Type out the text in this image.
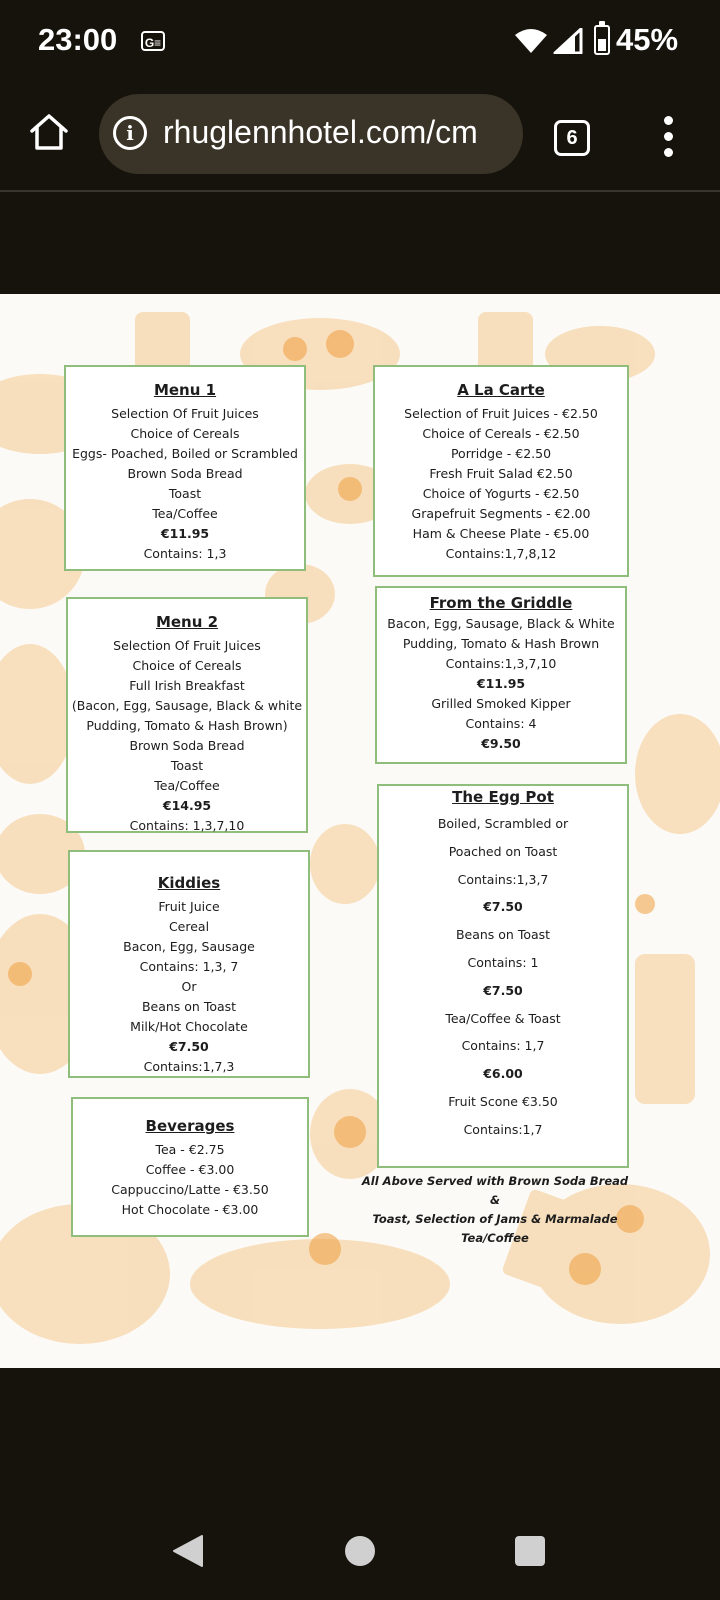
23:00	G≡	45%
i rhuglennhotel.com/cm	6
Menu 1
Selection Of Fruit Juices
Choice of Cereals
Eggs- Poached, Boiled or Scrambled
Brown Soda Bread
Toast
Tea/Coffee
€11.95
Contains: 1,3
Menu 2
Selection Of Fruit Juices
Choice of Cereals
Full Irish Breakfast
(Bacon, Egg, Sausage, Black & white
Pudding, Tomato & Hash Brown)
Brown Soda Bread
Toast
Tea/Coffee
€14.95
Contains: 1,3,7,10
Kiddies
Fruit Juice
Cereal
Bacon, Egg, Sausage
Contains: 1,3, 7
Or
Beans on Toast
Milk/Hot Chocolate
€7.50
Contains:1,7,3
Beverages
Tea - €2.75
Coffee - €3.00
Cappuccino/Latte - €3.50
Hot Chocolate - €3.00
A La Carte
Selection of Fruit Juices - €2.50
Choice of Cereals - €2.50
Porridge - €2.50
Fresh Fruit Salad €2.50
Choice of Yogurts - €2.50
Grapefruit Segments - €2.00
Ham & Cheese Plate - €5.00
Contains:1,7,8,12
From the Griddle
Bacon, Egg, Sausage, Black & White
Pudding, Tomato & Hash Brown
Contains:1,3,7,10
€11.95
Grilled Smoked Kipper
Contains: 4
€9.50
The Egg Pot
Boiled, Scrambled or
Poached on Toast
Contains:1,3,7
€7.50
Beans on Toast
Contains: 1
€7.50
Tea/Coffee & Toast
Contains: 1,7
€6.00
Fruit Scone €3.50
Contains:1,7
All Above Served with Brown Soda Bread &
Toast, Selection of Jams & Marmalade
Tea/Coffee
